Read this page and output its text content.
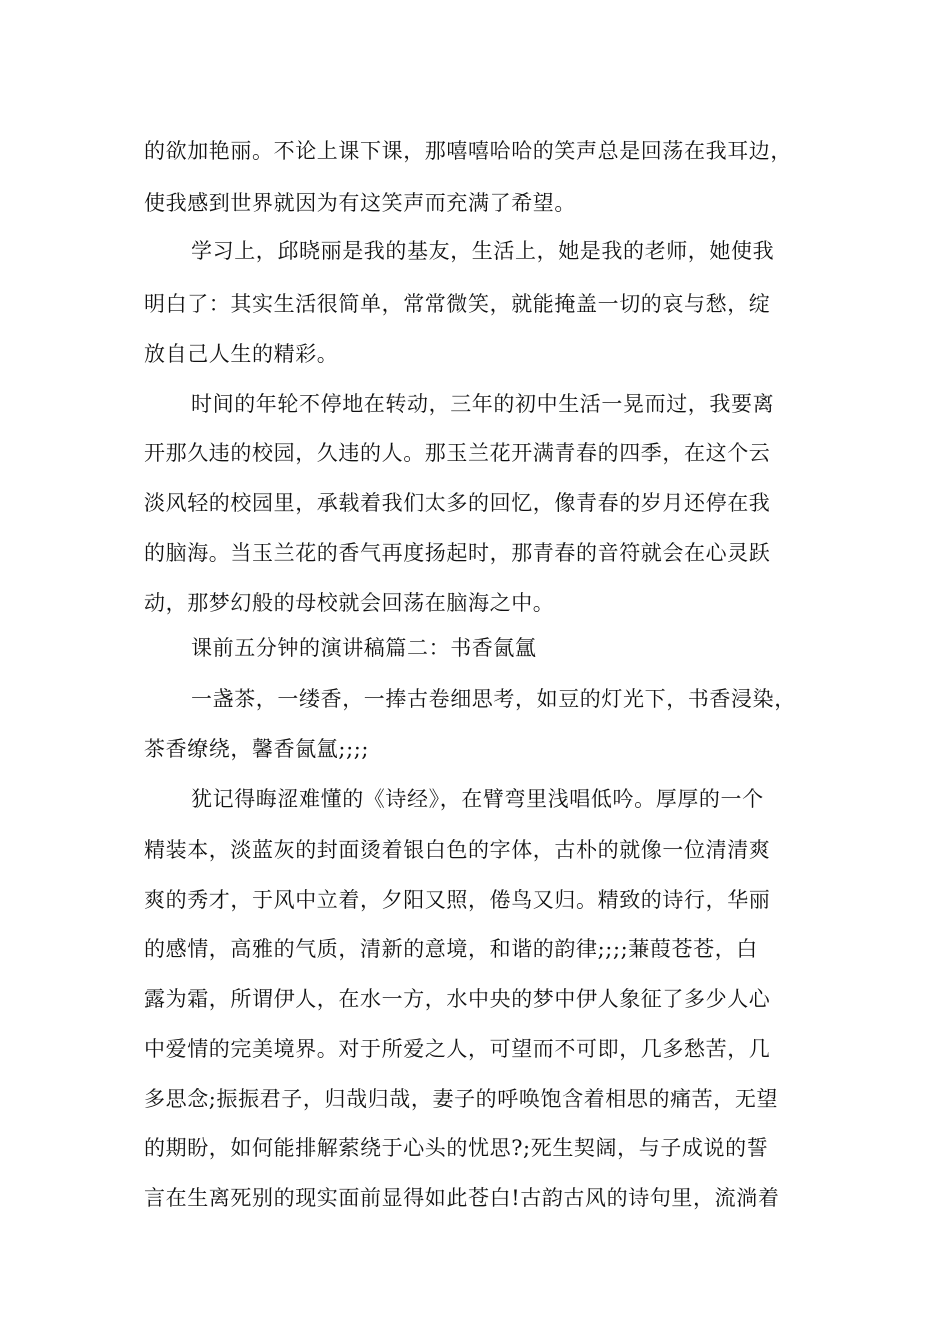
的欲加艳丽。不论上课下课，那嘻嘻哈哈的笑声总是回荡在我耳边，
使我感到世界就因为有这笑声而充满了希望。
学习上，邱晓丽是我的基友，生活上，她是我的老师，她使我
明白了：其实生活很简单，常常微笑，就能掩盖一切的哀与愁，绽
放自己人生的精彩。
时间的年轮不停地在转动，三年的初中生活一晃而过，我要离
开那久违的校园，久违的人。那玉兰花开满青春的四季，在这个云
淡风轻的校园里，承载着我们太多的回忆，像青春的岁月还停在我
的脑海。当玉兰花的香气再度扬起时，那青春的音符就会在心灵跃
动，那梦幻般的母校就会回荡在脑海之中。
课前五分钟的演讲稿篇二：书香氤氲
一盏茶，一缕香，一捧古卷细思考，如豆的灯光下，书香浸染，
茶香缭绕，馨香氤氲;;;;
犹记得晦涩难懂的《诗经》，在臂弯里浅唱低吟。厚厚的一个
精装本，淡蓝灰的封面烫着银白色的字体，古朴的就像一位清清爽
爽的秀才，于风中立着，夕阳又照，倦鸟又归。精致的诗行，华丽
的感情，高雅的气质，清新的意境，和谐的韵律;;;;蒹葭苍苍，白
露为霜，所谓伊人，在水一方，水中央的梦中伊人象征了多少人心
中爱情的完美境界。对于所爱之人，可望而不可即，几多愁苦，几
多思念;振振君子，归哉归哉，妻子的呼唤饱含着相思的痛苦，无望
的期盼，如何能排解萦绕于心头的忧思?;死生契阔，与子成说的誓
言在生离死别的现实面前显得如此苍白!古韵古风的诗句里，流淌着
